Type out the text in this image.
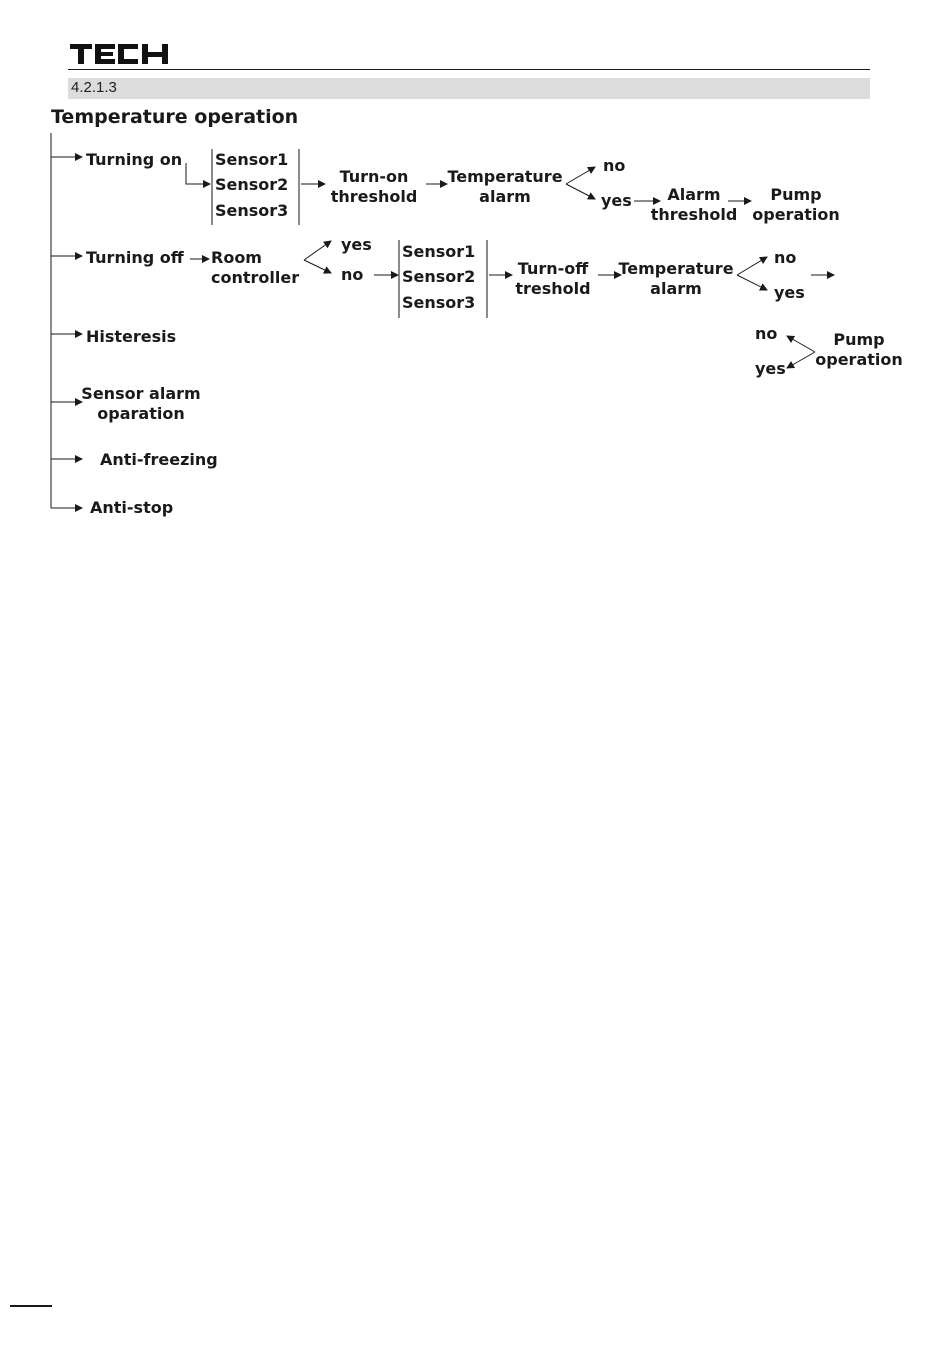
4.2.1.3
Temperature operation
Turning on Sensor1
Sensor2
Sensor3
Turn-on
threshold
Temperature
alarm
no
yes	Alarm
threshold
Pump
operation
Turning off Room
controller
yes
no
Sensor1
Sensor2
Sensor3
Turn-off
treshold
Temperature
alarm
no
yes
no
yes
Pump
operation
Histeresis
Sensor alarm
oparation
Anti-freezing
Anti-stop
